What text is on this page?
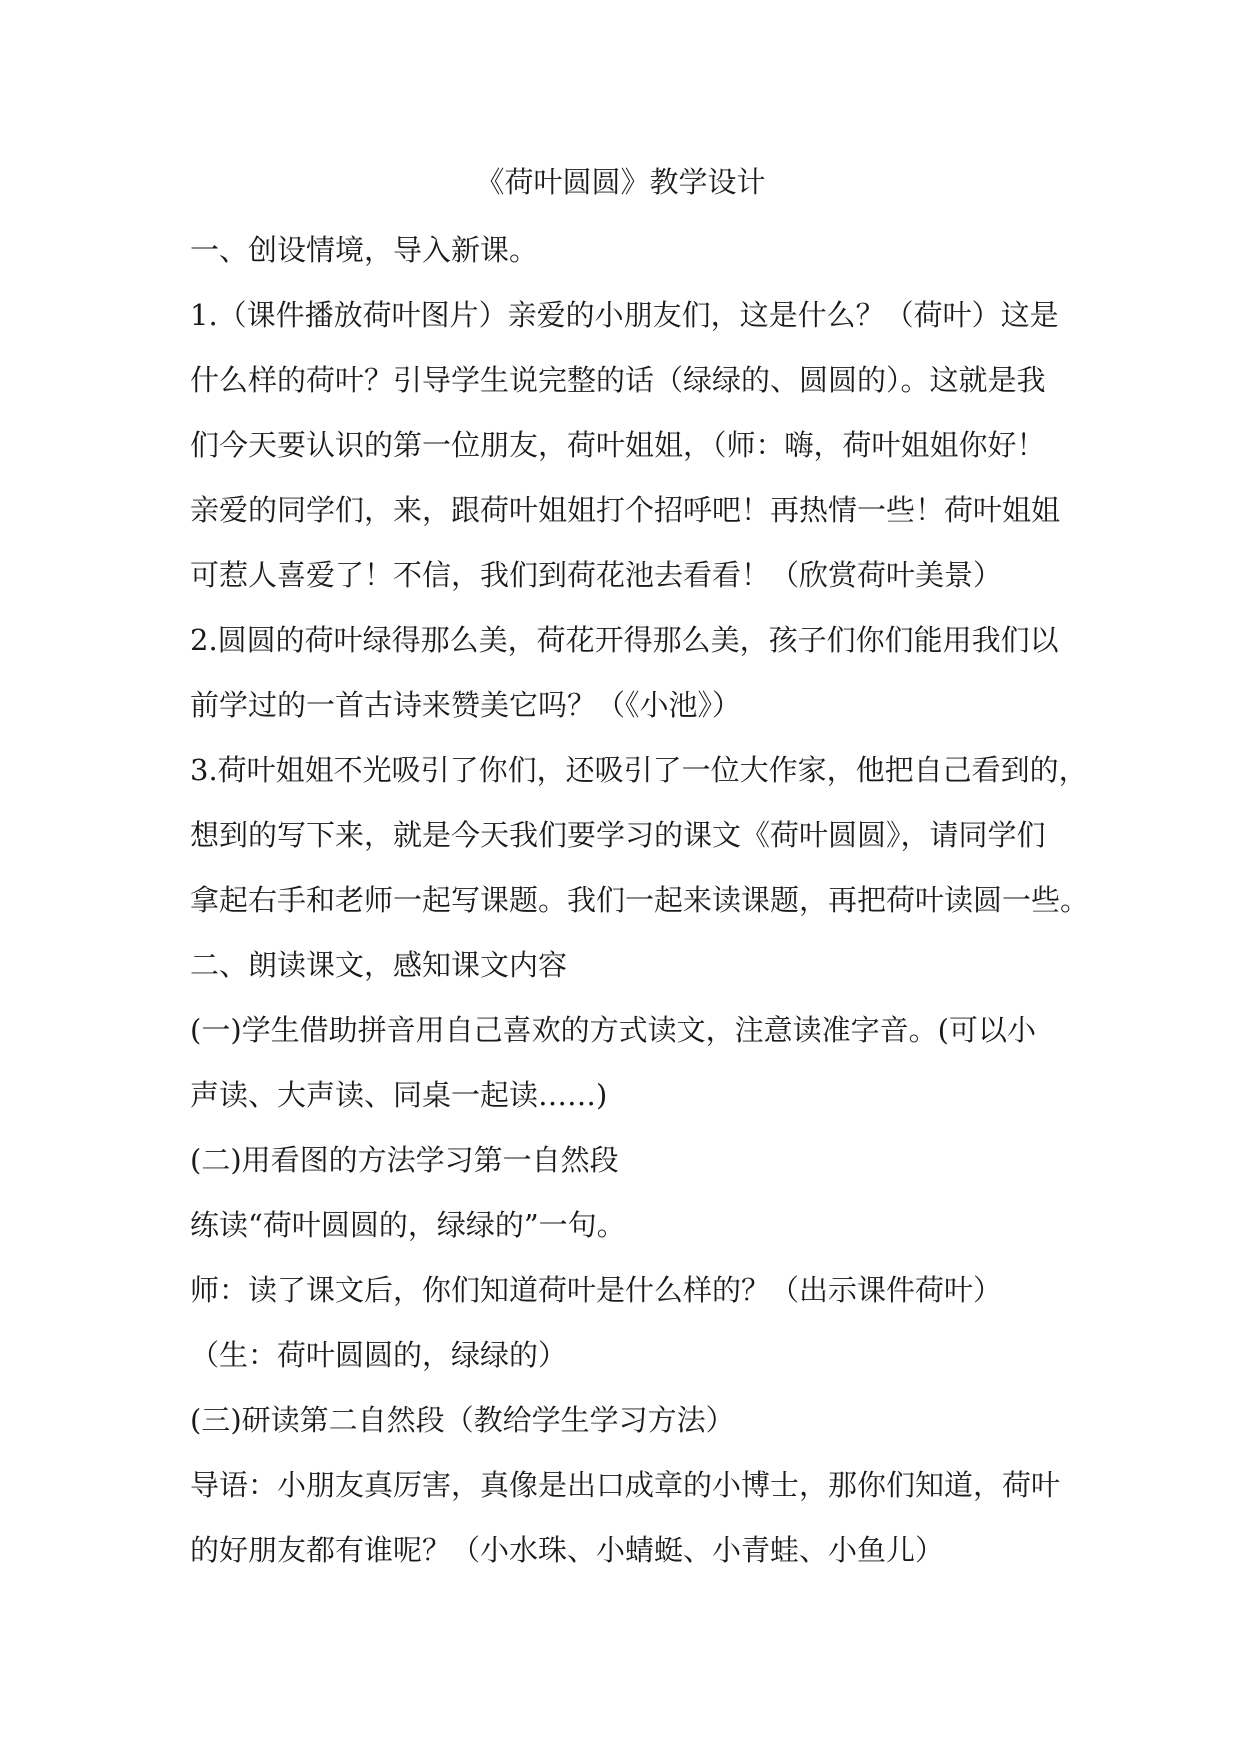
《荷叶圆圆》教学设计
一、创设情境，导入新课。
1.（课件播放荷叶图片）亲爱的小朋友们，这是什么？（荷叶）这是
什么样的荷叶？引导学生说完整的话（绿绿的、圆圆的）。这就是我
们今天要认识的第一位朋友，荷叶姐姐，（师：嗨，荷叶姐姐你好！
亲爱的同学们，来，跟荷叶姐姐打个招呼吧！再热情一些！荷叶姐姐
可惹人喜爱了！不信，我们到荷花池去看看！（欣赏荷叶美景）
2.圆圆的荷叶绿得那么美，荷花开得那么美，孩子们你们能用我们以
前学过的一首古诗来赞美它吗？（《小池》）
3.荷叶姐姐不光吸引了你们，还吸引了一位大作家，他把自己看到的，
想到的写下来，就是今天我们要学习的课文《荷叶圆圆》，请同学们
拿起右手和老师一起写课题。我们一起来读课题，再把荷叶读圆一些。
二、朗读课文，感知课文内容
(一)学生借助拼音用自己喜欢的方式读文，注意读准字音。(可以小
声读、大声读、同桌一起读……)
(二)用看图的方法学习第一自然段
练读“荷叶圆圆的，绿绿的”一句。
师：读了课文后，你们知道荷叶是什么样的？（出示课件荷叶）
（生：荷叶圆圆的，绿绿的）
(三)研读第二自然段（教给学生学习方法）
导语：小朋友真厉害，真像是出口成章的小博士，那你们知道，荷叶
的好朋友都有谁呢？（小水珠、小蜻蜓、小青蛙、小鱼儿）
